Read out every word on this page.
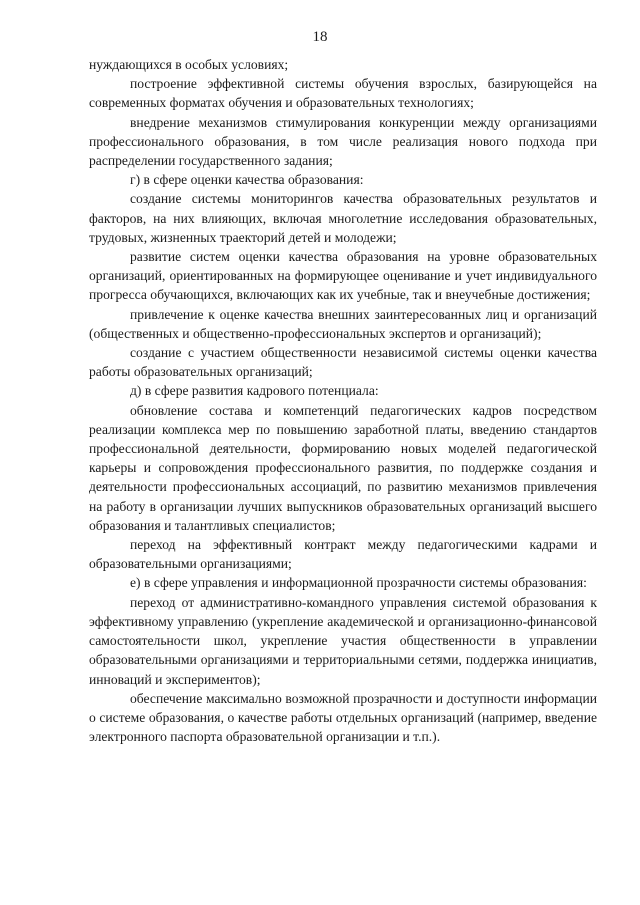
18

нуждающихся в особых условиях;

построение эффективной системы обучения взрослых, базирующейся на современных форматах обучения и образовательных технологиях;

внедрение механизмов стимулирования конкуренции между организациями профессионального образования, в том числе реализация нового подхода при распределении государственного задания;

г) в сфере оценки качества образования:

создание системы мониторингов качества образовательных результатов и факторов, на них влияющих, включая многолетние исследования образовательных, трудовых, жизненных траекторий детей и молодежи;

развитие систем оценки качества образования на уровне образовательных организаций, ориентированных на формирующее оценивание и учет индивидуального прогресса обучающихся, включающих как их учебные, так и внеучебные достижения;

привлечение к оценке качества внешних заинтересованных лиц и организаций (общественных и общественно-профессиональных экспертов и организаций);

создание с участием общественности независимой системы оценки качества работы образовательных организаций;

д) в сфере развития кадрового потенциала:

обновление состава и компетенций педагогических кадров посредством реализации комплекса мер по повышению заработной платы, введению стандартов профессиональной деятельности, формированию новых моделей педагогической карьеры и сопровождения профессионального развития, по поддержке создания и деятельности профессиональных ассоциаций, по развитию механизмов привлечения на работу в организации лучших выпускников образовательных организаций высшего образования и талантливых специалистов;

переход на эффективный контракт между педагогическими кадрами и образовательными организациями;

е) в сфере управления и информационной прозрачности системы образования:

переход от административно-командного управления системой образования к эффективному управлению (укрепление академической и организационно-финансовой самостоятельности школ, укрепление участия общественности в управлении образовательными организациями и территориальными сетями, поддержка инициатив, инноваций и экспериментов);

обеспечение максимально возможной прозрачности и доступности информации о системе образования, о качестве работы отдельных организаций (например, введение электронного паспорта образовательной организации и т.п.).
